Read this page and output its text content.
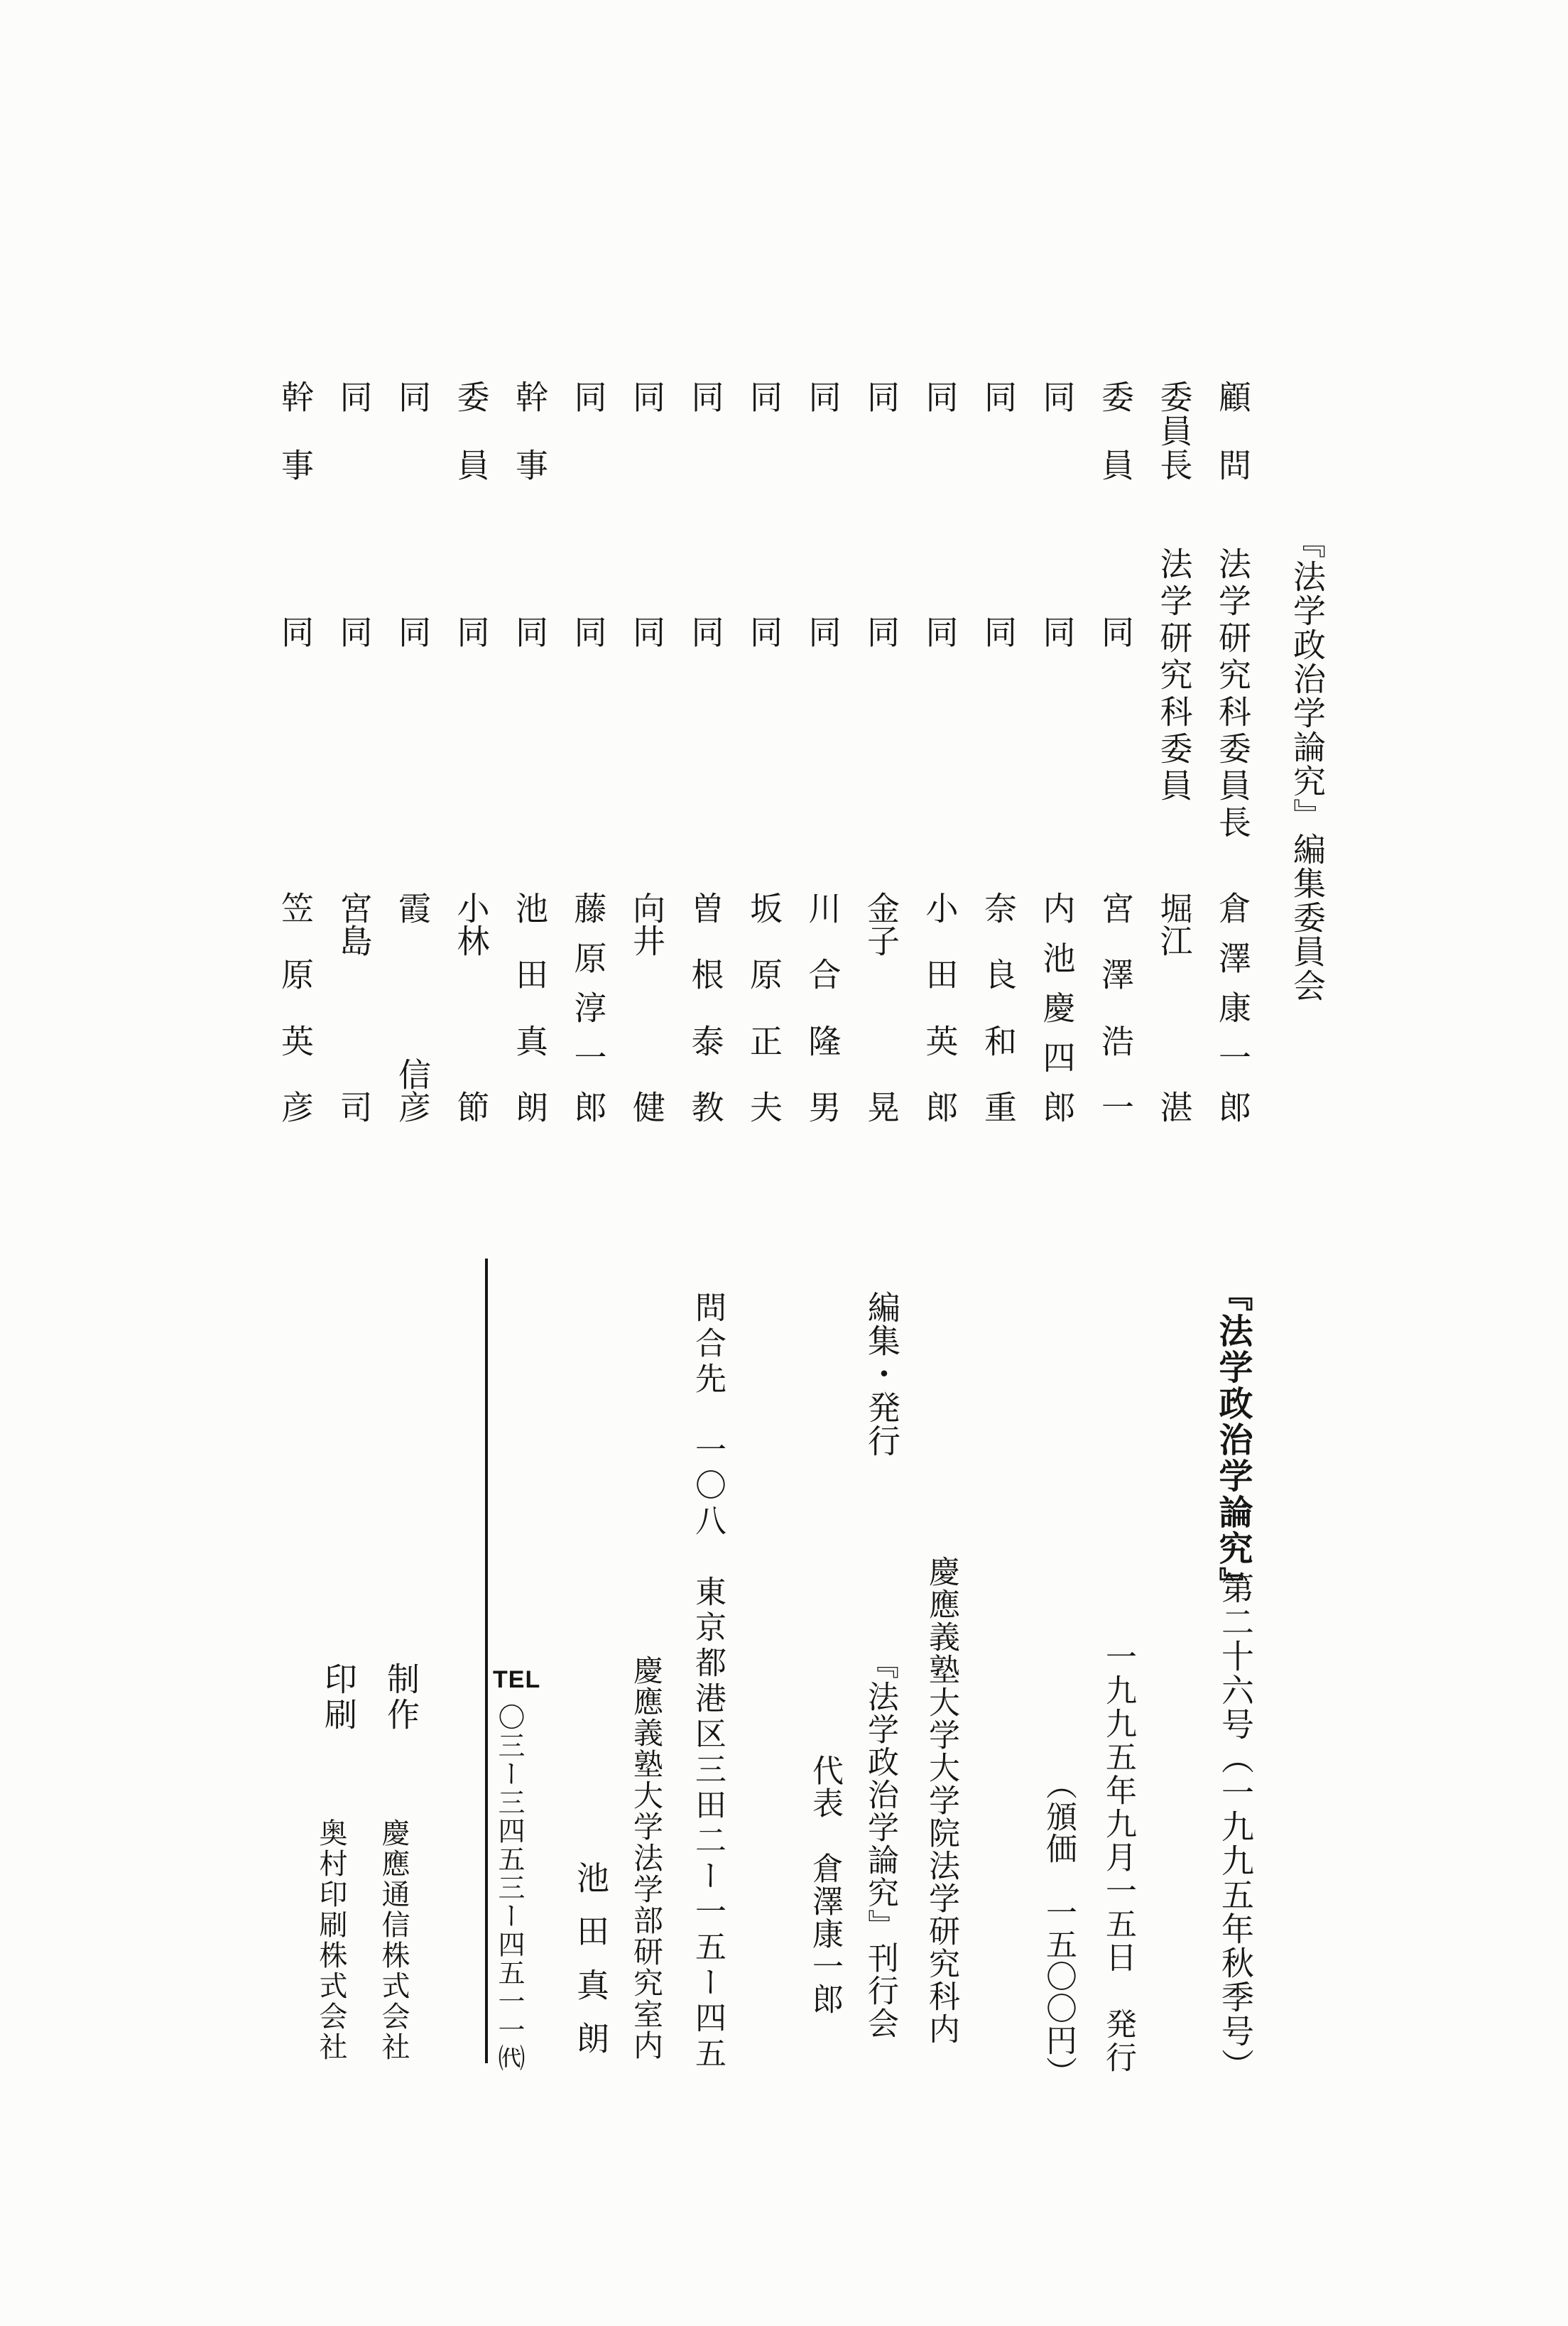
『法学政治学論究』編集委員会
顧
問
法学研究科委員長
倉
澤
康
一
郎
委
員
長
法学研究科委員
堀江
湛
委
員
同
宮
澤
浩
一
同
同
内
池
慶
四
郎
同
同
奈
良
和
重
同
同
小
田
英
郎
同
同
金子
晃
同
同
川
合
隆
男
同
同
坂
原
正
夫
同
同
曽
根
泰
教
同
同
向井
健
同
同
藤
原
淳
一
郎
幹
事
同
池
田
真
朗
委
員
同
小林
節
同
同
霞
信彦
同
同
宮島
司
幹
事
同
笠
原
英
彦
『法学政治学論究』
第二十六号（一九九五年秋季号）
一九九五年九月一五日　発行
（頒価　一五〇〇円）
編集・発行
慶應義塾大学大学院法学研究科内
『法学政治学論究』刊行会
代表　倉澤康一郎
問合先　一〇八　東京都港区三田二ー一五ー四五
慶應義塾大学法学部研究室内
池
田
真
朗
TEL
〇三ー三四五三ー四五一一㈹
制作
慶應通信株式会社
印刷
奥村印刷株式会社
